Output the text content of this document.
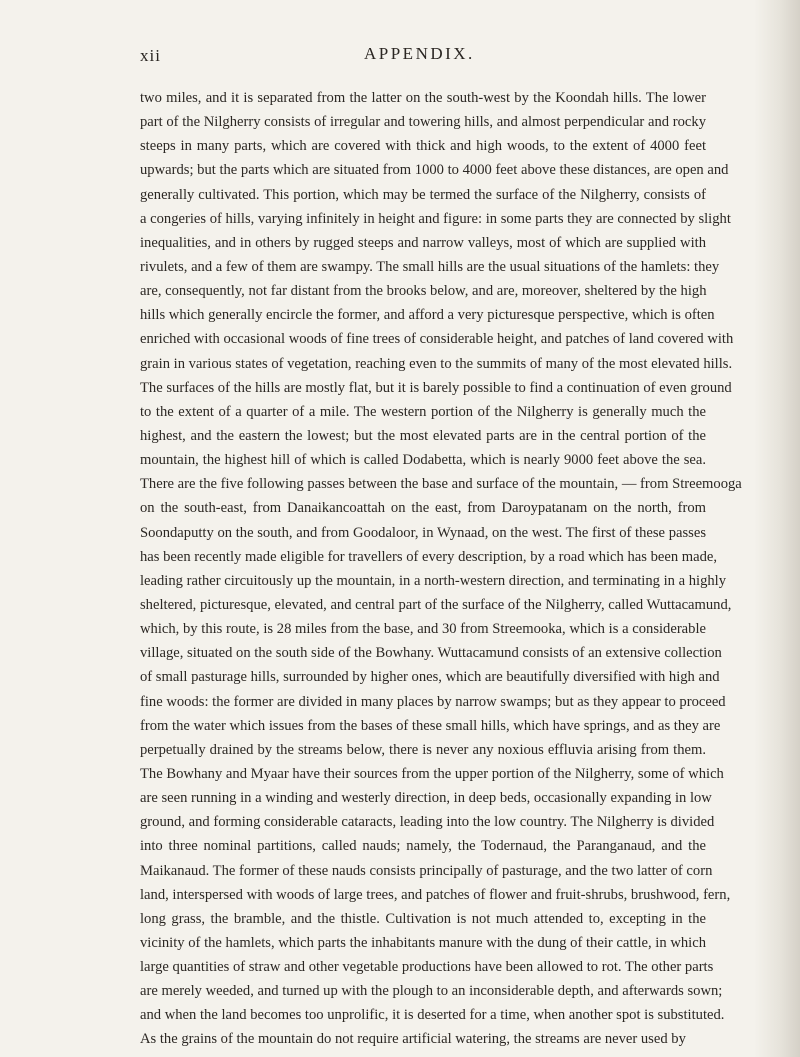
xii	APPENDIX.
two miles, and it is separated from the latter on the south-west by the Koondah hills. The lower
part of the Nilgherry consists of irregular and towering hills, and almost perpendicular and rocky
steeps in many parts, which are covered with thick and high woods, to the extent of 4000 feet
upwards; but the parts which are situated from 1000 to 4000 feet above these distances, are open and
generally cultivated. This portion, which may be termed the surface of the Nilgherry, consists of
a congeries of hills, varying infinitely in height and figure: in some parts they are connected by slight
inequalities, and in others by rugged steeps and narrow valleys, most of which are supplied with
rivulets, and a few of them are swampy. The small hills are the usual situations of the hamlets: they
are, consequently, not far distant from the brooks below, and are, moreover, sheltered by the high
hills which generally encircle the former, and afford a very picturesque perspective, which is often
enriched with occasional woods of fine trees of considerable height, and patches of land covered with
grain in various states of vegetation, reaching even to the summits of many of the most elevated hills.
The surfaces of the hills are mostly flat, but it is barely possible to find a continuation of even ground
to the extent of a quarter of a mile. The western portion of the Nilgherry is generally much the
highest, and the eastern the lowest; but the most elevated parts are in the central portion of the
mountain, the highest hill of which is called Dodabetta, which is nearly 9000 feet above the sea.
There are the five following passes between the base and surface of the mountain, — from Streemooga
on the south-east, from Danaikancoattah on the east, from Daroypatanam on the north, from
Soondaputty on the south, and from Goodaloor, in Wynaad, on the west. The first of these passes
has been recently made eligible for travellers of every description, by a road which has been made,
leading rather circuitously up the mountain, in a north-western direction, and terminating in a highly
sheltered, picturesque, elevated, and central part of the surface of the Nilgherry, called Wuttacamund,
which, by this route, is 28 miles from the base, and 30 from Streemooka, which is a considerable
village, situated on the south side of the Bowhany. Wuttacamund consists of an extensive collection
of small pasturage hills, surrounded by higher ones, which are beautifully diversified with high and
fine woods: the former are divided in many places by narrow swamps; but as they appear to proceed
from the water which issues from the bases of these small hills, which have springs, and as they are
perpetually drained by the streams below, there is never any noxious effluvia arising from them.
The Bowhany and Myaar have their sources from the upper portion of the Nilgherry, some of which
are seen running in a winding and westerly direction, in deep beds, occasionally expanding in low
ground, and forming considerable cataracts, leading into the low country. The Nilgherry is divided
into three nominal partitions, called nauds; namely, the Todernaud, the Paranganaud, and the
Maikanaud. The former of these nauds consists principally of pasturage, and the two latter of corn
land, interspersed with woods of large trees, and patches of flower and fruit-shrubs, brushwood, fern,
long grass, the bramble, and the thistle. Cultivation is not much attended to, excepting in the
vicinity of the hamlets, which parts the inhabitants manure with the dung of their cattle, in which
large quantities of straw and other vegetable productions have been allowed to rot. The other parts
are merely weeded, and turned up with the plough to an inconsiderable depth, and afterwards sown;
and when the land becomes too unprolific, it is deserted for a time, when another spot is substituted.
As the grains of the mountain do not require artificial watering, the streams are never used by
